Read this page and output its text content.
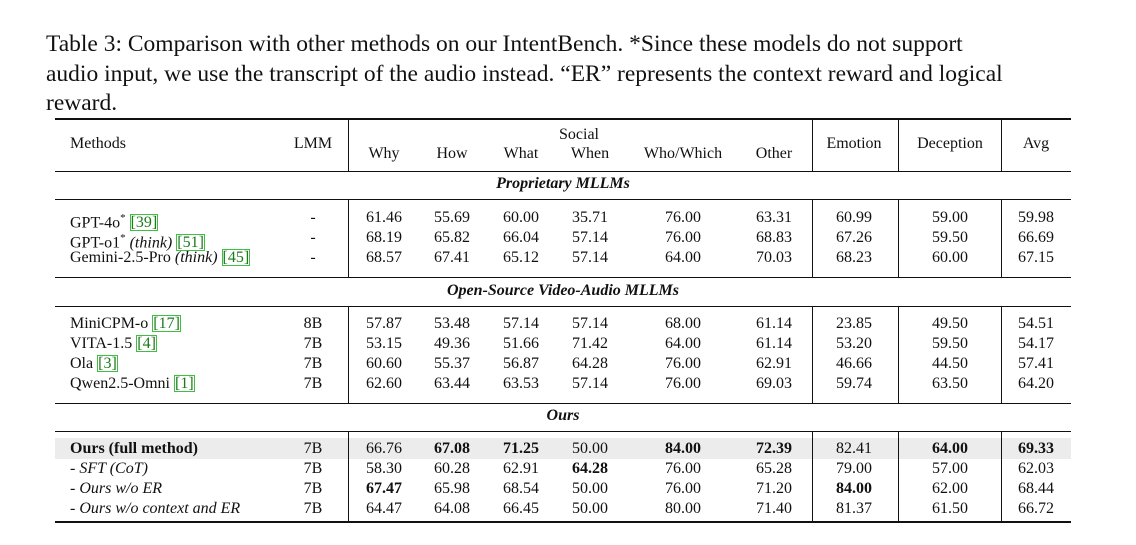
Table 3: Comparison with other methods on our IntentBench. *Since these models do not support
audio input, we use the transcript of the audio instead. “ER” represents the context reward and logical
reward.
Methods	LMM
Social
Why How What When Who/Which Other
Emotion Deception Avg
Proprietary MLLMs
Open-Source Video-Audio MLLMs
Ours
GPT-4o* [39]	-	61.46 55.69 60.00 35.71	76.00	63.31	60.99	59.00	59.98
GPT-o1* (think) [51]	-	68.19 65.82 66.04 57.14	76.00	68.83	67.26	59.50	66.69
Gemini-2.5-Pro (think) [45]	-	68.57 67.41 65.12 57.14	64.00	70.03	68.23	60.00	67.15
MiniCPM-o [17]	8B	57.87 53.48 57.14 57.14	68.00	61.14	23.85	49.50	54.51
VITA-1.5 [4]	7B	53.15 49.36 51.66 71.42	64.00	61.14	53.20	59.50	54.17
Ola [3]	7B	60.60 55.37 56.87 64.28	76.00	62.91	46.66	44.50	57.41
Qwen2.5-Omni [1]	7B	62.60 63.44 63.53 57.14	76.00	69.03	59.74	63.50	64.20
Ours (full method)	7B	66.76 67.08 71.25 50.00	84.00	72.39	82.41	64.00	69.33
- SFT (CoT)	7B	58.30 60.28 62.91 64.28	76.00	65.28	79.00	57.00	62.03
- Ours w/o ER	7B	67.47 65.98 68.54 50.00	76.00	71.20	84.00	62.00	68.44
- Ours w/o context and ER	7B	64.47 64.08 66.45 50.00	80.00	71.40	81.37	61.50	66.72
